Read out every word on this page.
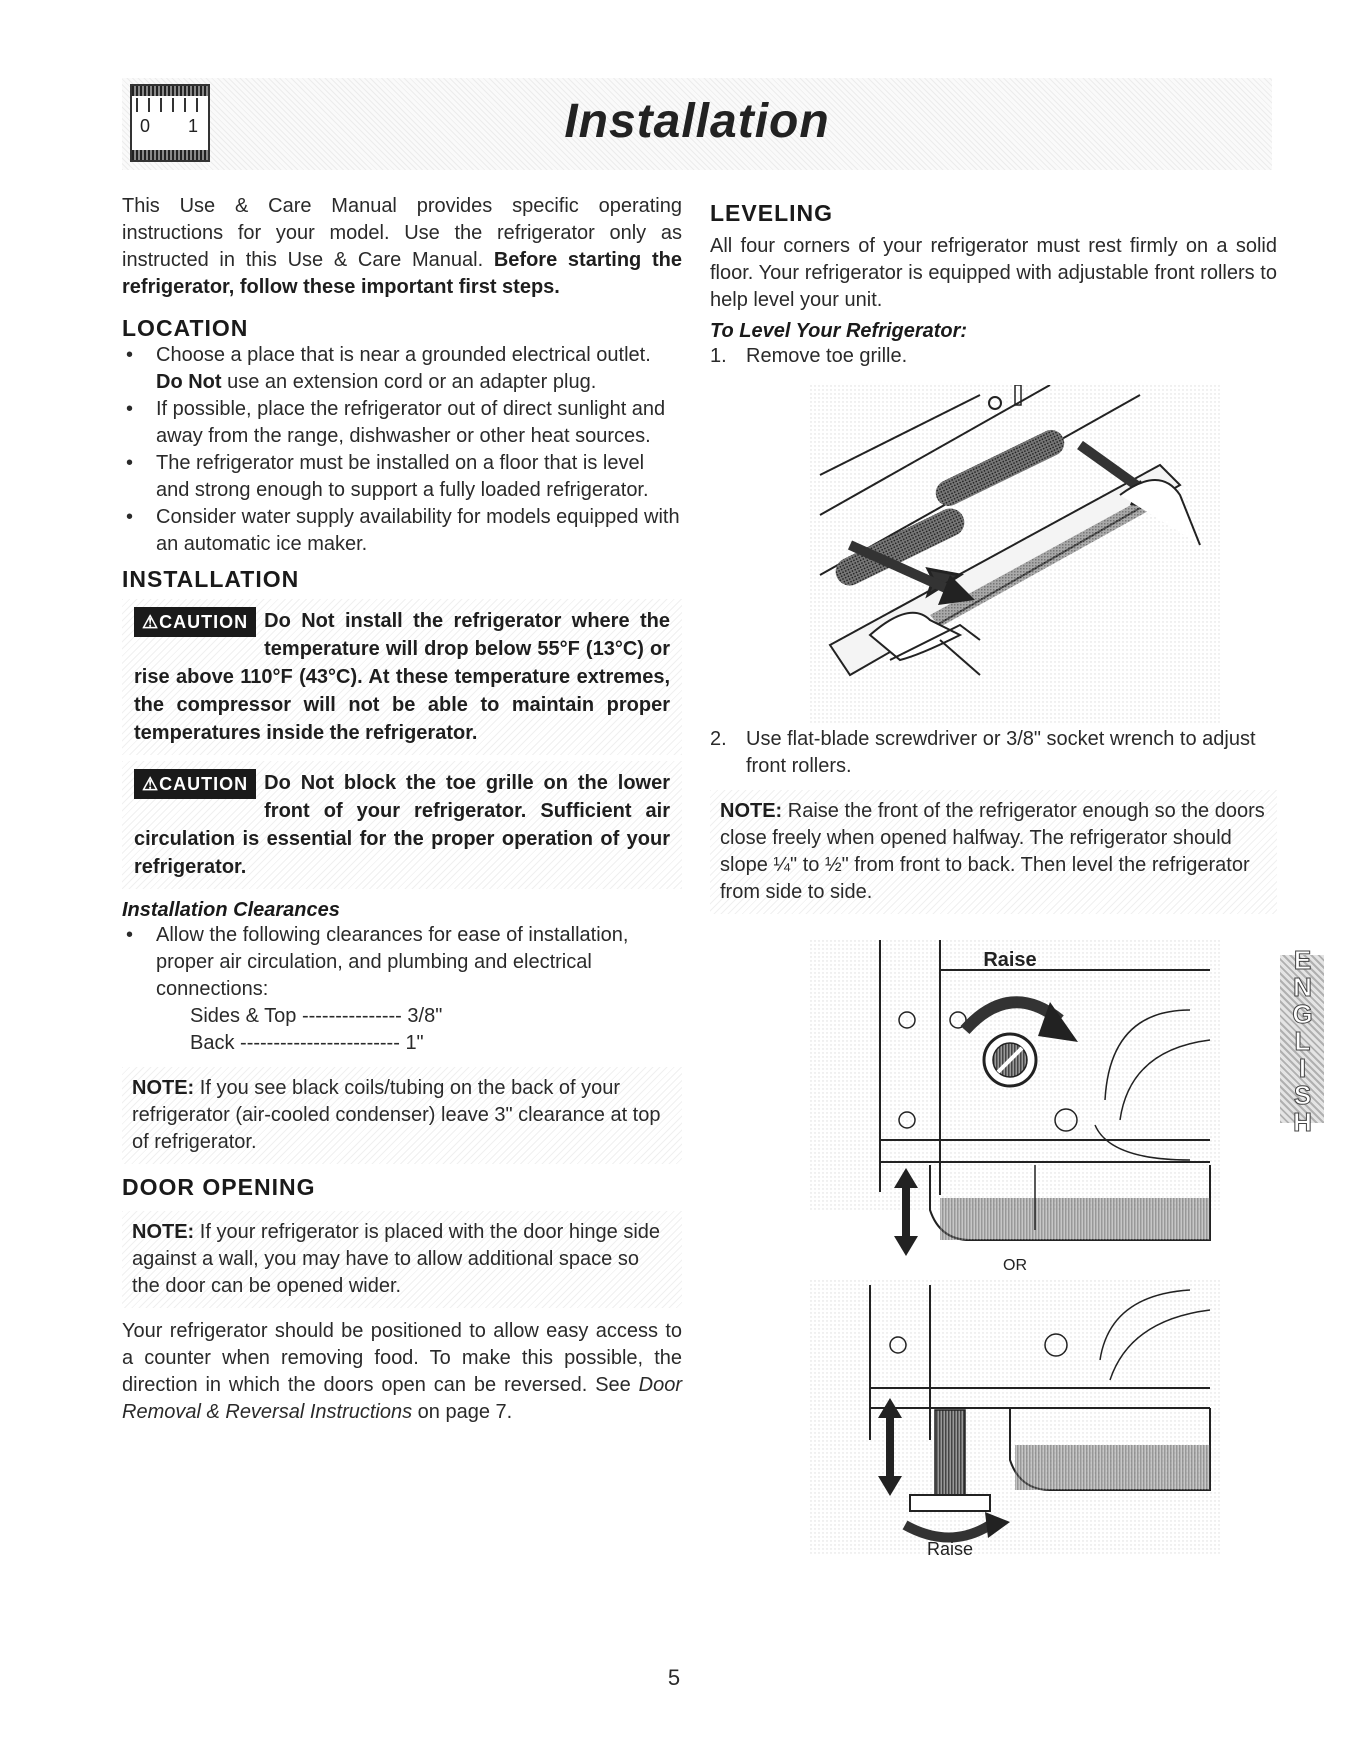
0 1	Installation

This Use & Care Manual provides specific operating instructions for your model. Use the refrigerator only as instructed in this Use & Care Manual. Before starting the refrigerator, follow these important first steps.

LOCATION
• Choose a place that is near a grounded electrical outlet. Do Not use an extension cord or an adapter plug.
• If possible, place the refrigerator out of direct sunlight and away from the range, dishwasher or other heat sources.
• The refrigerator must be installed on a floor that is level and strong enough to support a fully loaded refrigerator.
• Consider water supply availability for models equipped with an automatic ice maker.
INSTALLATION
⚠CAUTION Do Not install the refrigerator where the temperature will drop below 55°F (13°C) or rise above 110°F (43°C). At these temperature extremes, the compressor will not be able to maintain proper temperatures inside the refrigerator.
⚠CAUTION Do Not block the toe grille on the lower front of your refrigerator. Sufficient air circulation is essential for the proper operation of your refrigerator.
Installation Clearances
• Allow the following clearances for ease of installation, proper air circulation, and plumbing and electrical connections:
Sides & Top --------------- 3/8"
Back ------------------------ 1"
NOTE: If you see black coils/tubing on the back of your refrigerator (air-cooled condenser) leave 3" clearance at top of refrigerator.
DOOR OPENING
NOTE: If your refrigerator is placed with the door hinge side against a wall, you may have to allow additional space so the door can be opened wider.

Your refrigerator should be positioned to allow easy access to a counter when removing food. To make this possible, the direction in which the doors open can be reversed. See Door Removal & Reversal Instructions on page 7.

LEVELING

All four corners of your refrigerator must rest firmly on a solid floor. Your refrigerator is equipped with adjustable front rollers to help level your unit.

To Level Your Refrigerator:
1. Remove toe grille.
2. Use flat-blade screwdriver or 3/8" socket wrench to adjust front rollers.
NOTE: Raise the front of the refrigerator enough so the doors close freely when opened halfway. The refrigerator should slope ¼" to ½" from front to back. Then level the refrigerator from side to side.
Raise
OR
Raise
ENGLISH
5
